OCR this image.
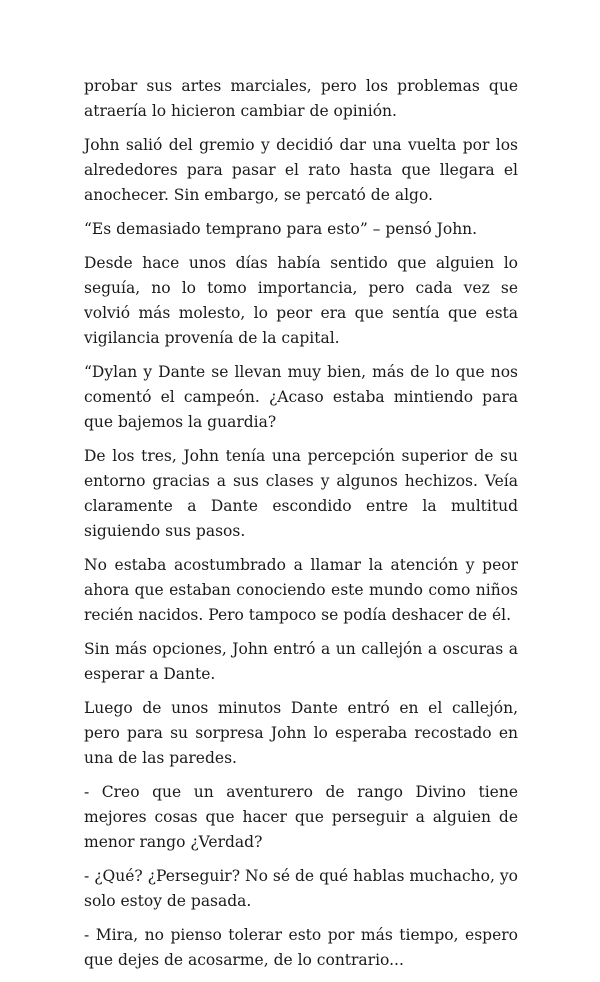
probar sus artes marciales, pero los problemas que atraería lo hicieron cambiar de opinión.

John salió del gremio y decidió dar una vuelta por los alrededores para pasar el rato hasta que llegara el anochecer. Sin embargo, se percató de algo.

“Es demasiado temprano para esto” – pensó John.

Desde hace unos días había sentido que alguien lo seguía, no lo tomo importancia, pero cada vez se volvió más molesto, lo peor era que sentía que esta vigilancia provenía de la capital.

“Dylan y Dante se llevan muy bien, más de lo que nos comentó el campeón. ¿Acaso estaba mintiendo para que bajemos la guardia?

De los tres, John tenía una percepción superior de su entorno gracias a sus clases y algunos hechizos. Veía claramente a Dante escondido entre la multitud siguiendo sus pasos.

No estaba acostumbrado a llamar la atención y peor ahora que estaban conociendo este mundo como niños recién nacidos. Pero tampoco se podía deshacer de él.

Sin más opciones, John entró a un callejón a oscuras a esperar a Dante.

Luego de unos minutos Dante entró en el callejón, pero para su sorpresa John lo esperaba recostado en una de las paredes.

- Creo que un aventurero de rango Divino tiene mejores cosas que hacer que perseguir a alguien de menor rango ¿Verdad?

- ¿Qué? ¿Perseguir? No sé de qué hablas muchacho, yo solo estoy de pasada.

- Mira, no pienso tolerar esto por más tiempo, espero que dejes de acosarme, de lo contrario...
